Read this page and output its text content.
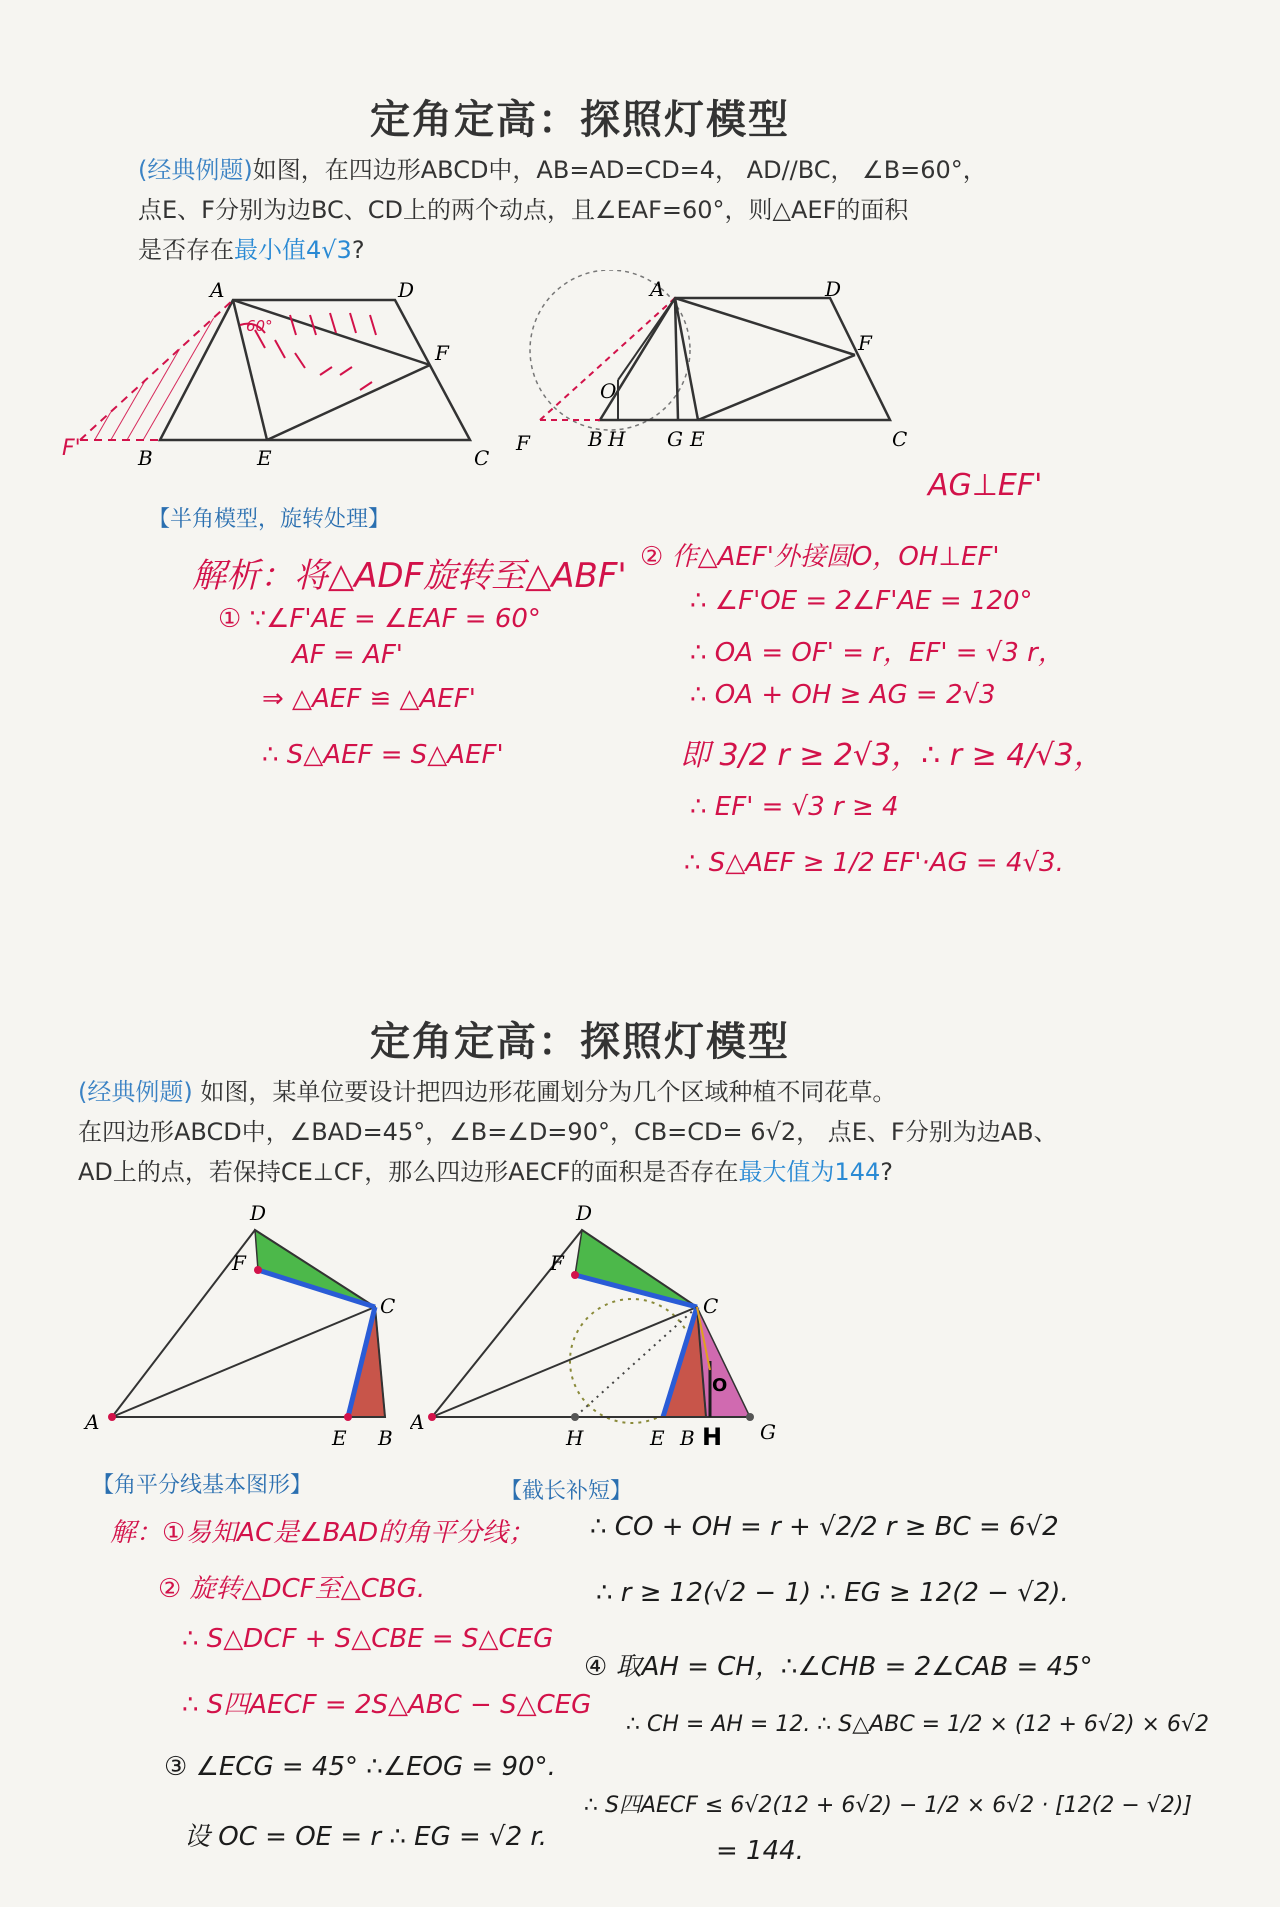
定角定高：探照灯模型
(经典例题)如图，在四边形ABCD中，AB=AD=CD=4， AD//BC， ∠B=60°，
点E、F分别为边BC、CD上的两个动点，且∠EAF=60°，则△AEF的面积
是否存在最小值4√3?
A	D
F
B	E	C
F'
60°
A	D
F
O
C
F	B H G E
【半角模型，旋转处理】
解析：将△ADF旋转至△ABF'
① ∵∠F'AE = ∠EAF = 60°
AF = AF'
⇒ △AEF ≌ △AEF'
∴ S△AEF = S△AEF'
AG⊥EF'
② 作△AEF'外接圆O，OH⊥EF'
∴ ∠F'OE = 2∠F'AE = 120°
∴ OA = OF' = r，EF' = √3 r，
∴ OA + OH ≥ AG = 2√3
即 3/2 r ≥ 2√3，∴ r ≥ 4/√3，
∴ EF' = √3 r ≥ 4
∴ S△AEF ≥ 1/2 EF'·AG = 4√3.
定角定高：探照灯模型
(经典例题) 如图，某单位要设计把四边形花圃划分为几个区域种植不同花草。
在四边形ABCD中，∠BAD=45°，∠B=∠D=90°，CB=CD= 6√2， 点E、F分别为边AB、
AD上的点，若保持CE⊥CF，那么四边形AECF的面积是否存在最大值为144?
D
F
C
A
E B
D
F
C
A
H	E B H G
O
【角平分线基本图形】	【截长补短】
解：①易知AC是∠BAD的角平分线；
② 旋转△DCF至△CBG.
∴ S△DCF + S△CBE = S△CEG
∴ S四AECF = 2S△ABC − S△CEG
③ ∠ECG = 45° ∴∠EOG = 90°.
设 OC = OE = r ∴ EG = √2 r.
∴ CO + OH = r + √2/2 r ≥ BC = 6√2
∴ r ≥ 12(√2 − 1) ∴ EG ≥ 12(2 − √2).
④ 取AH = CH，∴∠CHB = 2∠CAB = 45°
∴ CH = AH = 12. ∴ S△ABC = 1/2 × (12 + 6√2) × 6√2
∴ S四AECF ≤ 6√2(12 + 6√2) − 1/2 × 6√2 · [12(2 − √2)]
= 144.
